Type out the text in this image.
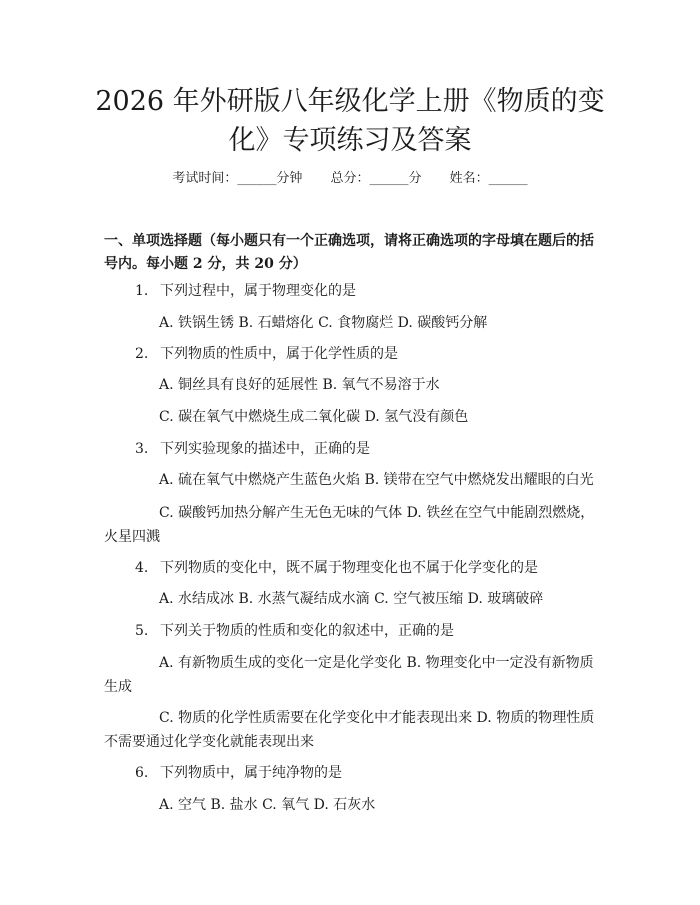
2026 年外研版八年级化学上册《物质的变
化》专项练习及答案
考试时间：______分钟 总分：______分 姓名：______
一、单项选择题（每小题只有一个正确选项，请将正确选项的字母填在题后的括
号内。每小题 2 分，共 20 分）
1. 下列过程中，属于物理变化的是
A. 铁锅生锈 B. 石蜡熔化 C. 食物腐烂 D. 碳酸钙分解
2. 下列物质的性质中，属于化学性质的是
A. 铜丝具有良好的延展性 B. 氧气不易溶于水
C. 碳在氧气中燃烧生成二氧化碳 D. 氢气没有颜色
3. 下列实验现象的描述中，正确的是
A. 硫在氧气中燃烧产生蓝色火焰 B. 镁带在空气中燃烧发出耀眼的白光
C. 碳酸钙加热分解产生无色无味的气体 D. 铁丝在空气中能剧烈燃烧，
火星四溅
4. 下列物质的变化中，既不属于物理变化也不属于化学变化的是
A. 水结成冰 B. 水蒸气凝结成水滴 C. 空气被压缩 D. 玻璃破碎
5. 下列关于物质的性质和变化的叙述中，正确的是
A. 有新物质生成的变化一定是化学变化 B. 物理变化中一定没有新物质
生成
C. 物质的化学性质需要在化学变化中才能表现出来 D. 物质的物理性质
不需要通过化学变化就能表现出来
6. 下列物质中，属于纯净物的是
A. 空气 B. 盐水 C. 氧气 D. 石灰水
